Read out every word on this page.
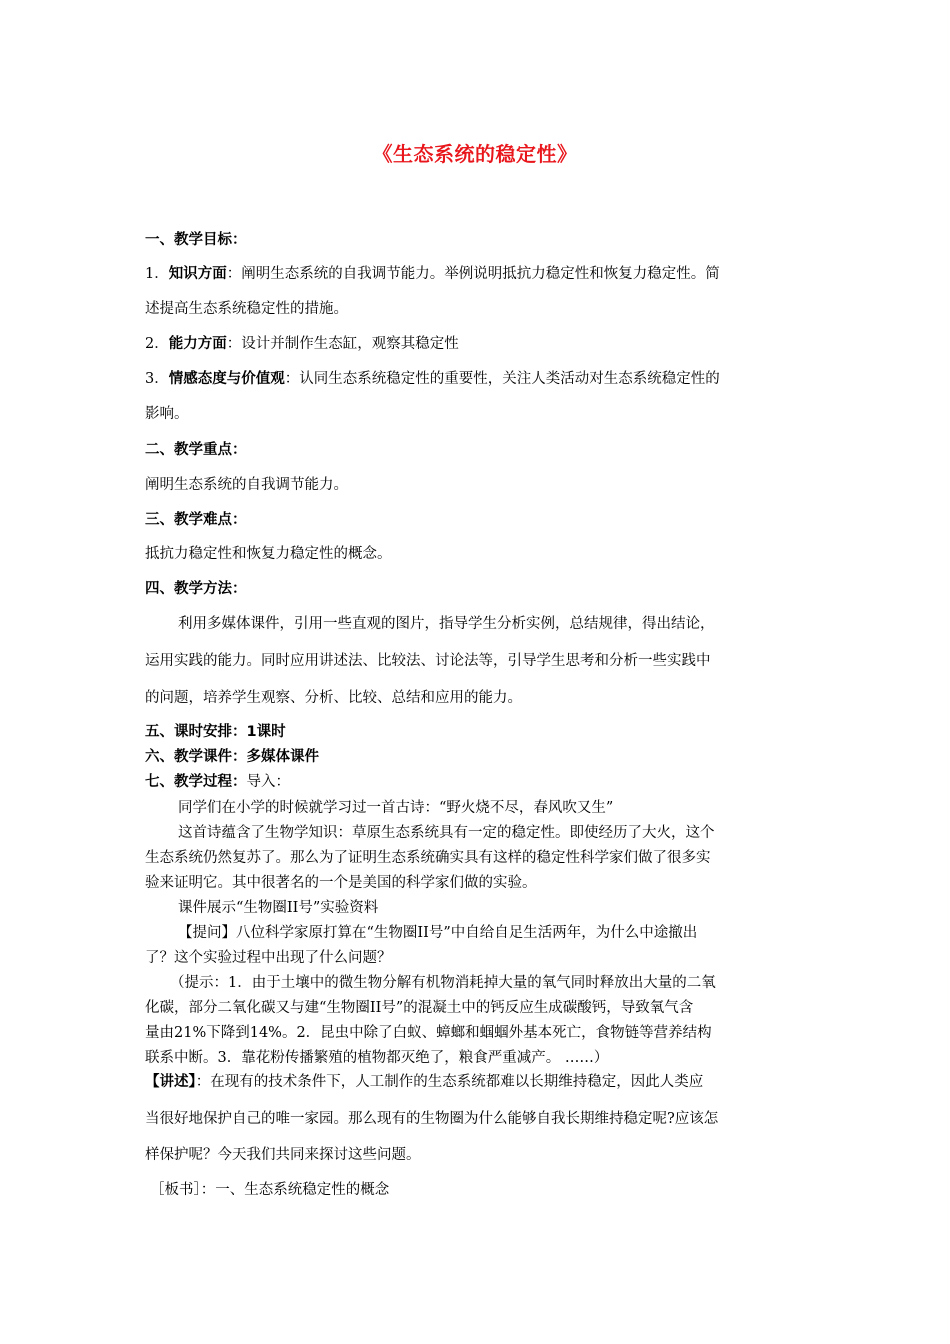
《生态系统的稳定性》
一、教学目标：
1．知识方面：阐明生态系统的自我调节能力。举例说明抵抗力稳定性和恢复力稳定性。简
述提高生态系统稳定性的措施。
2．能力方面：设计并制作生态缸，观察其稳定性
3．情感态度与价值观：认同生态系统稳定性的重要性，关注人类活动对生态系统稳定性的
影响。
二、教学重点：
阐明生态系统的自我调节能力。
三、教学难点：
抵抗力稳定性和恢复力稳定性的概念。
四、教学方法：
利用多媒体课件，引用一些直观的图片，指导学生分析实例，总结规律，得出结论，
运用实践的能力。同时应用讲述法、比较法、讨论法等，引导学生思考和分析一些实践中
的问题，培养学生观察、分析、比较、总结和应用的能力。
五、课时安排：1课时
六、教学课件：多媒体课件
七、教学过程：导入：
同学们在小学的时候就学习过一首古诗：“野火烧不尽，春风吹又生”
这首诗蕴含了生物学知识：草原生态系统具有一定的稳定性。即使经历了大火，这个
生态系统仍然复苏了。那么为了证明生态系统确实具有这样的稳定性科学家们做了很多实
验来证明它。其中很著名的一个是美国的科学家们做的实验。
课件展示“生物圈II号”实验资料
【提问】八位科学家原打算在“生物圈II号”中自给自足生活两年，为什么中途撤出
了？这个实验过程中出现了什么问题？
（提示：1．由于土壤中的微生物分解有机物消耗掉大量的氧气同时释放出大量的二氧
化碳，部分二氧化碳又与建“生物圈II号”的混凝土中的钙反应生成碳酸钙，导致氧气含
量由21%下降到14%。2．昆虫中除了白蚁、蟑螂和蝈蝈外基本死亡，食物链等营养结构
联系中断。3．靠花粉传播繁殖的植物都灭绝了，粮食严重减产。 ……）
【讲述】：在现有的技术条件下，人工制作的生态系统都难以长期维持稳定，因此人类应
当很好地保护自己的唯一家园。那么现有的生物圈为什么能够自我长期维持稳定呢?应该怎
样保护呢？今天我们共同来探讨这些问题。
［板书］：一、生态系统稳定性的概念
